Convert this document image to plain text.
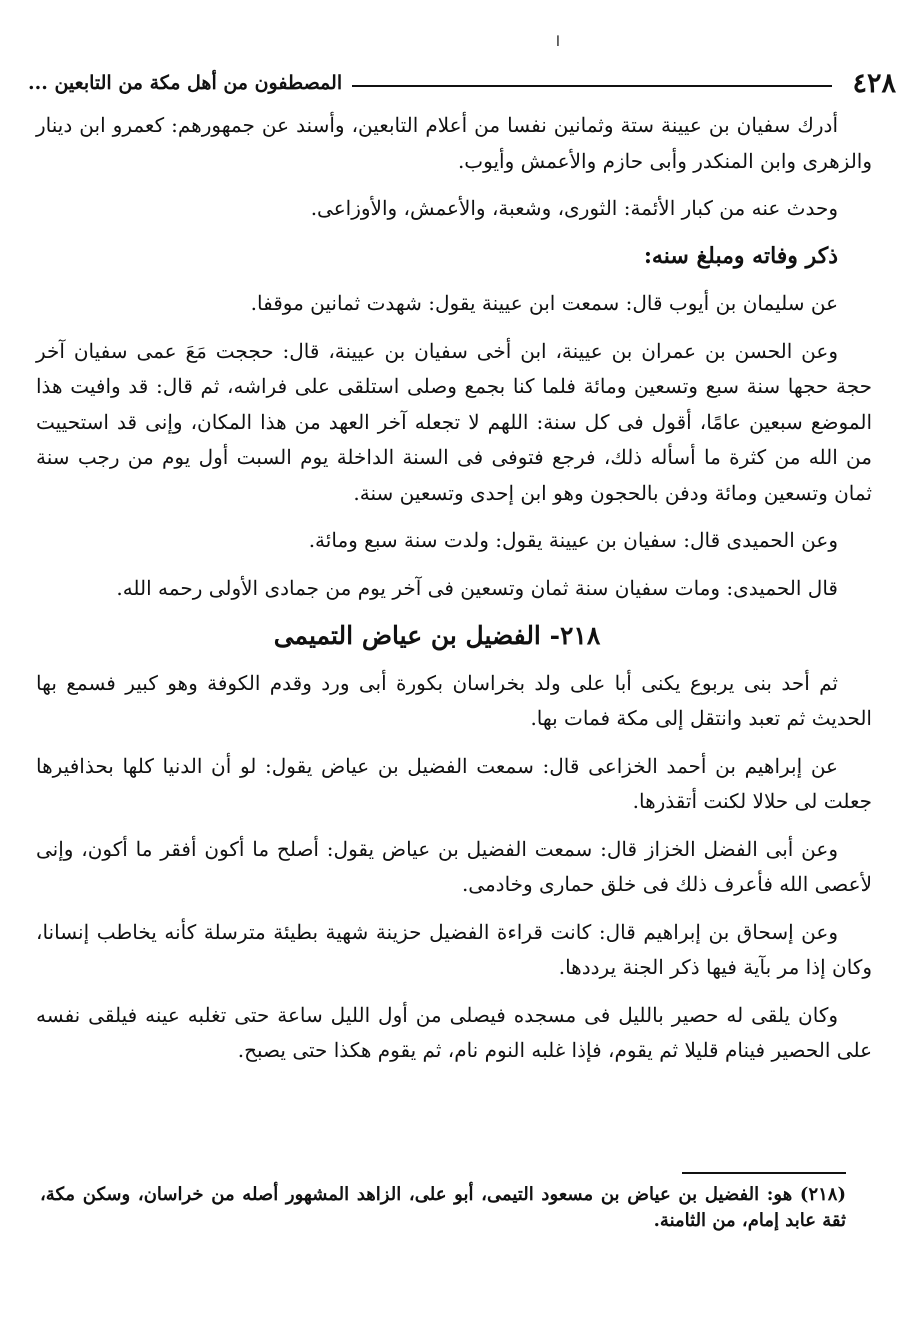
ا
٤٢٨
المصطفون من أهل مكة من التابعين ...

أدرك سفيان بن عيينة ستة وثمانين نفسا من أعلام التابعين، وأسند عن جمهورهم: كعمرو ابن دينار والزهرى وابن المنكدر وأبى حازم والأعمش وأيوب.

وحدث عنه من كبار الأئمة: الثورى، وشعبة، والأعمش، والأوزاعى.

ذكر وفاته ومبلغ سنه:

عن سليمان بن أيوب قال: سمعت ابن عيينة يقول: شهدت ثمانين موقفا.

وعن الحسن بن عمران بن عيينة، ابن أخى سفيان بن عيينة، قال: حججت مَعَ عمى سفيان آخر حجة حجها سنة سبع وتسعين ومائة فلما كنا بجمع وصلى استلقى على فراشه، ثم قال: قد وافيت هذا الموضع سبعين عامًا، أقول فى كل سنة: اللهم لا تجعله آخر العهد من هذا المكان، وإنى قد استحييت من الله من كثرة ما أسأله ذلك، فرجع فتوفى فى السنة الداخلة يوم السبت أول يوم من رجب سنة ثمان وتسعين ومائة ودفن بالحجون وهو ابن إحدى وتسعين سنة.

وعن الحميدى قال: سفيان بن عيينة يقول: ولدت سنة سبع ومائة.

قال الحميدى: ومات سفيان سنة ثمان وتسعين فى آخر يوم من جمادى الأولى رحمه الله.

٢١٨- الفضيل بن عياض التميمى

ثم أحد بنى يربوع يكنى أبا على ولد بخراسان بكورة أبى ورد وقدم الكوفة وهو كبير فسمع بها الحديث ثم تعبد وانتقل إلى مكة فمات بها.

عن إبراهيم بن أحمد الخزاعى قال: سمعت الفضيل بن عياض يقول: لو أن الدنيا كلها بحذافيرها جعلت لى حلالا لكنت أتقذرها.

وعن أبى الفضل الخزاز قال: سمعت الفضيل بن عياض يقول: أصلح ما أكون أفقر ما أكون، وإنى لأعصى الله فأعرف ذلك فى خلق حمارى وخادمى.

وعن إسحاق بن إبراهيم قال: كانت قراءة الفضيل حزينة شهية بطيئة مترسلة كأنه يخاطب إنسانا، وكان إذا مر بآية فيها ذكر الجنة يرددها.

وكان يلقى له حصير بالليل فى مسجده فيصلى من أول الليل ساعة حتى تغلبه عينه فيلقى نفسه على الحصير فينام قليلا ثم يقوم، فإذا غلبه النوم نام، ثم يقوم هكذا حتى يصبح.

(٢١٨) هو: الفضيل بن عياض بن مسعود التيمى، أبو على، الزاهد المشهور أصله من خراسان، وسكن مكة، ثقة عابد إمام، من الثامنة.
